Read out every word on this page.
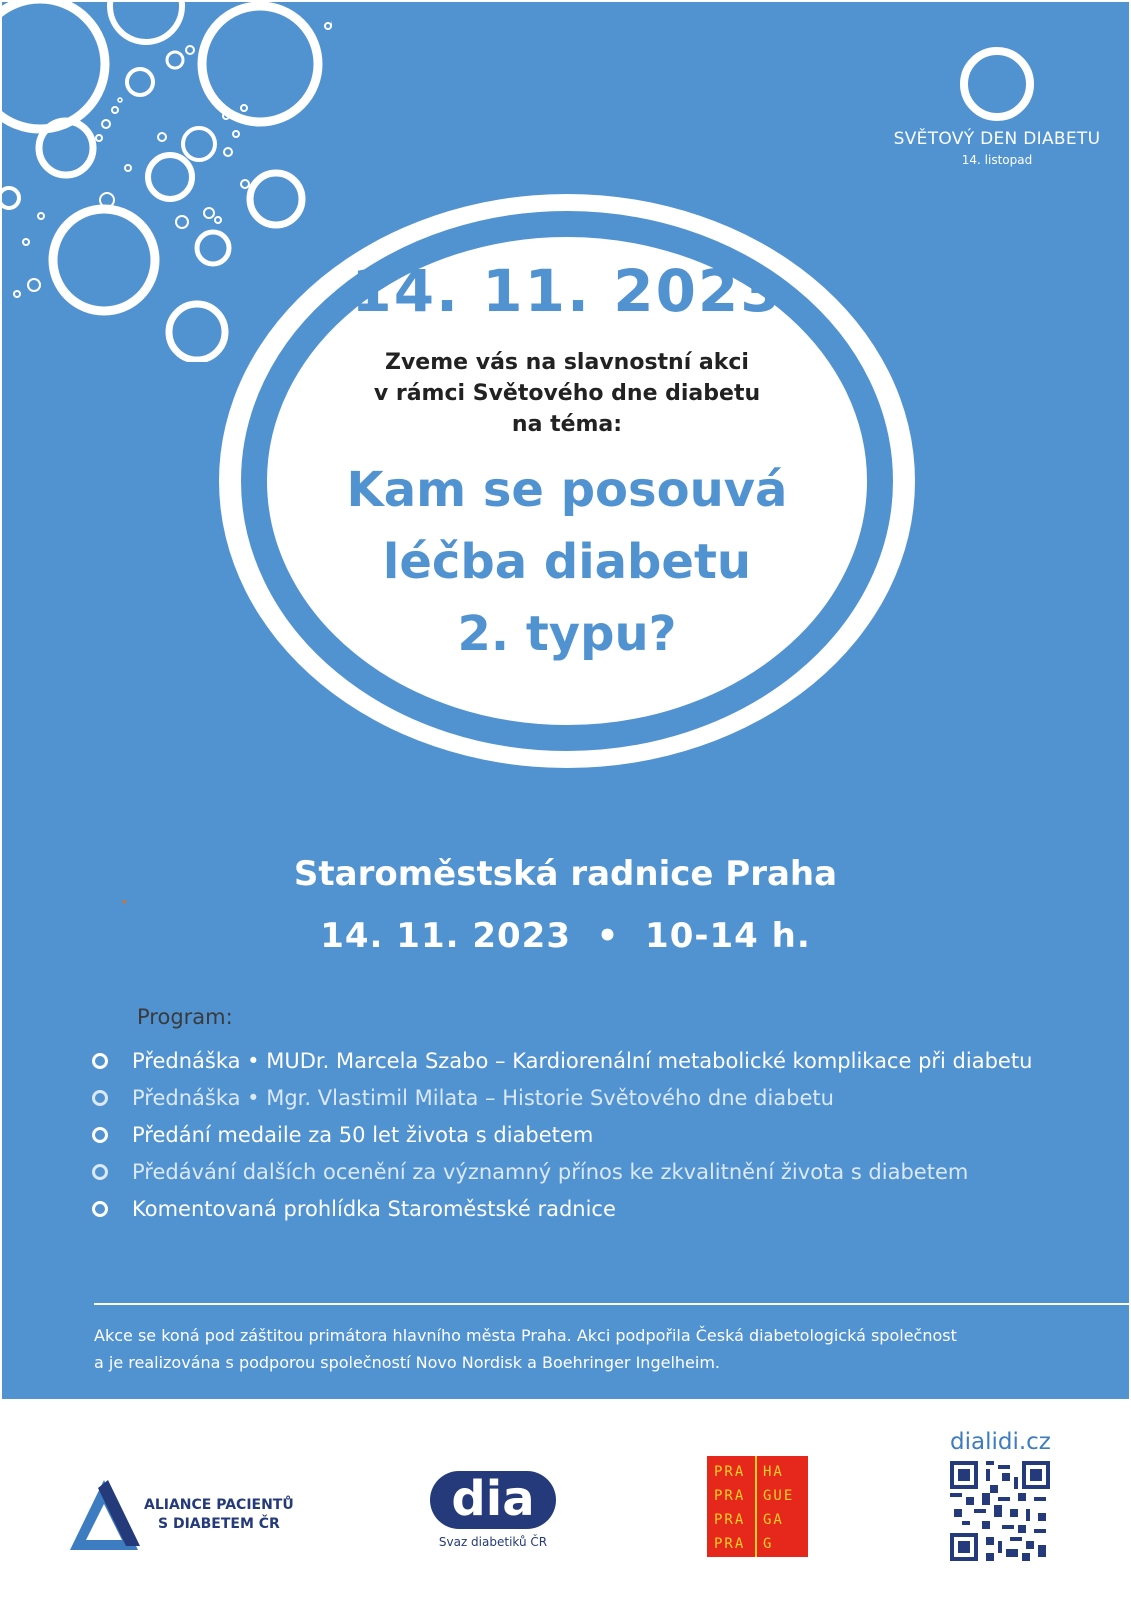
SVĚTOVÝ DEN DIABETU
14. listopad
14. 11. 2023
Zveme vás na slavnostní akci
v rámci Světového dne diabetu
na téma:
Kam se posouvá
léčba diabetu
2. typu?
Staroměstská radnice Praha
14. 11. 2023  •  10-14 h.
Program:
Přednáška • MUDr. Marcela Szabo – Kardiorenální metabolické komplikace při diabetu
Přednáška • Mgr. Vlastimil Milata – Historie Světového dne diabetu
Předání medaile za 50 let života s diabetem
Předávání dalších ocenění za významný přínos ke zkvalitnění života s diabetem
Komentovaná prohlídka Staroměstské radnice
Akce se koná pod záštitou primátora hlavního města Praha. Akci podpořila Česká diabetologická společnost
a je realizována s podporou společností Novo Nordisk a Boehringer Ingelheim.
ALIANCE PACIENTŮ
S DIABETEM ČR	dia
Svaz diabetiků ČR
PRA
PRA
PRA
PRA
HA
GUE
GA
G
dialidi.cz
